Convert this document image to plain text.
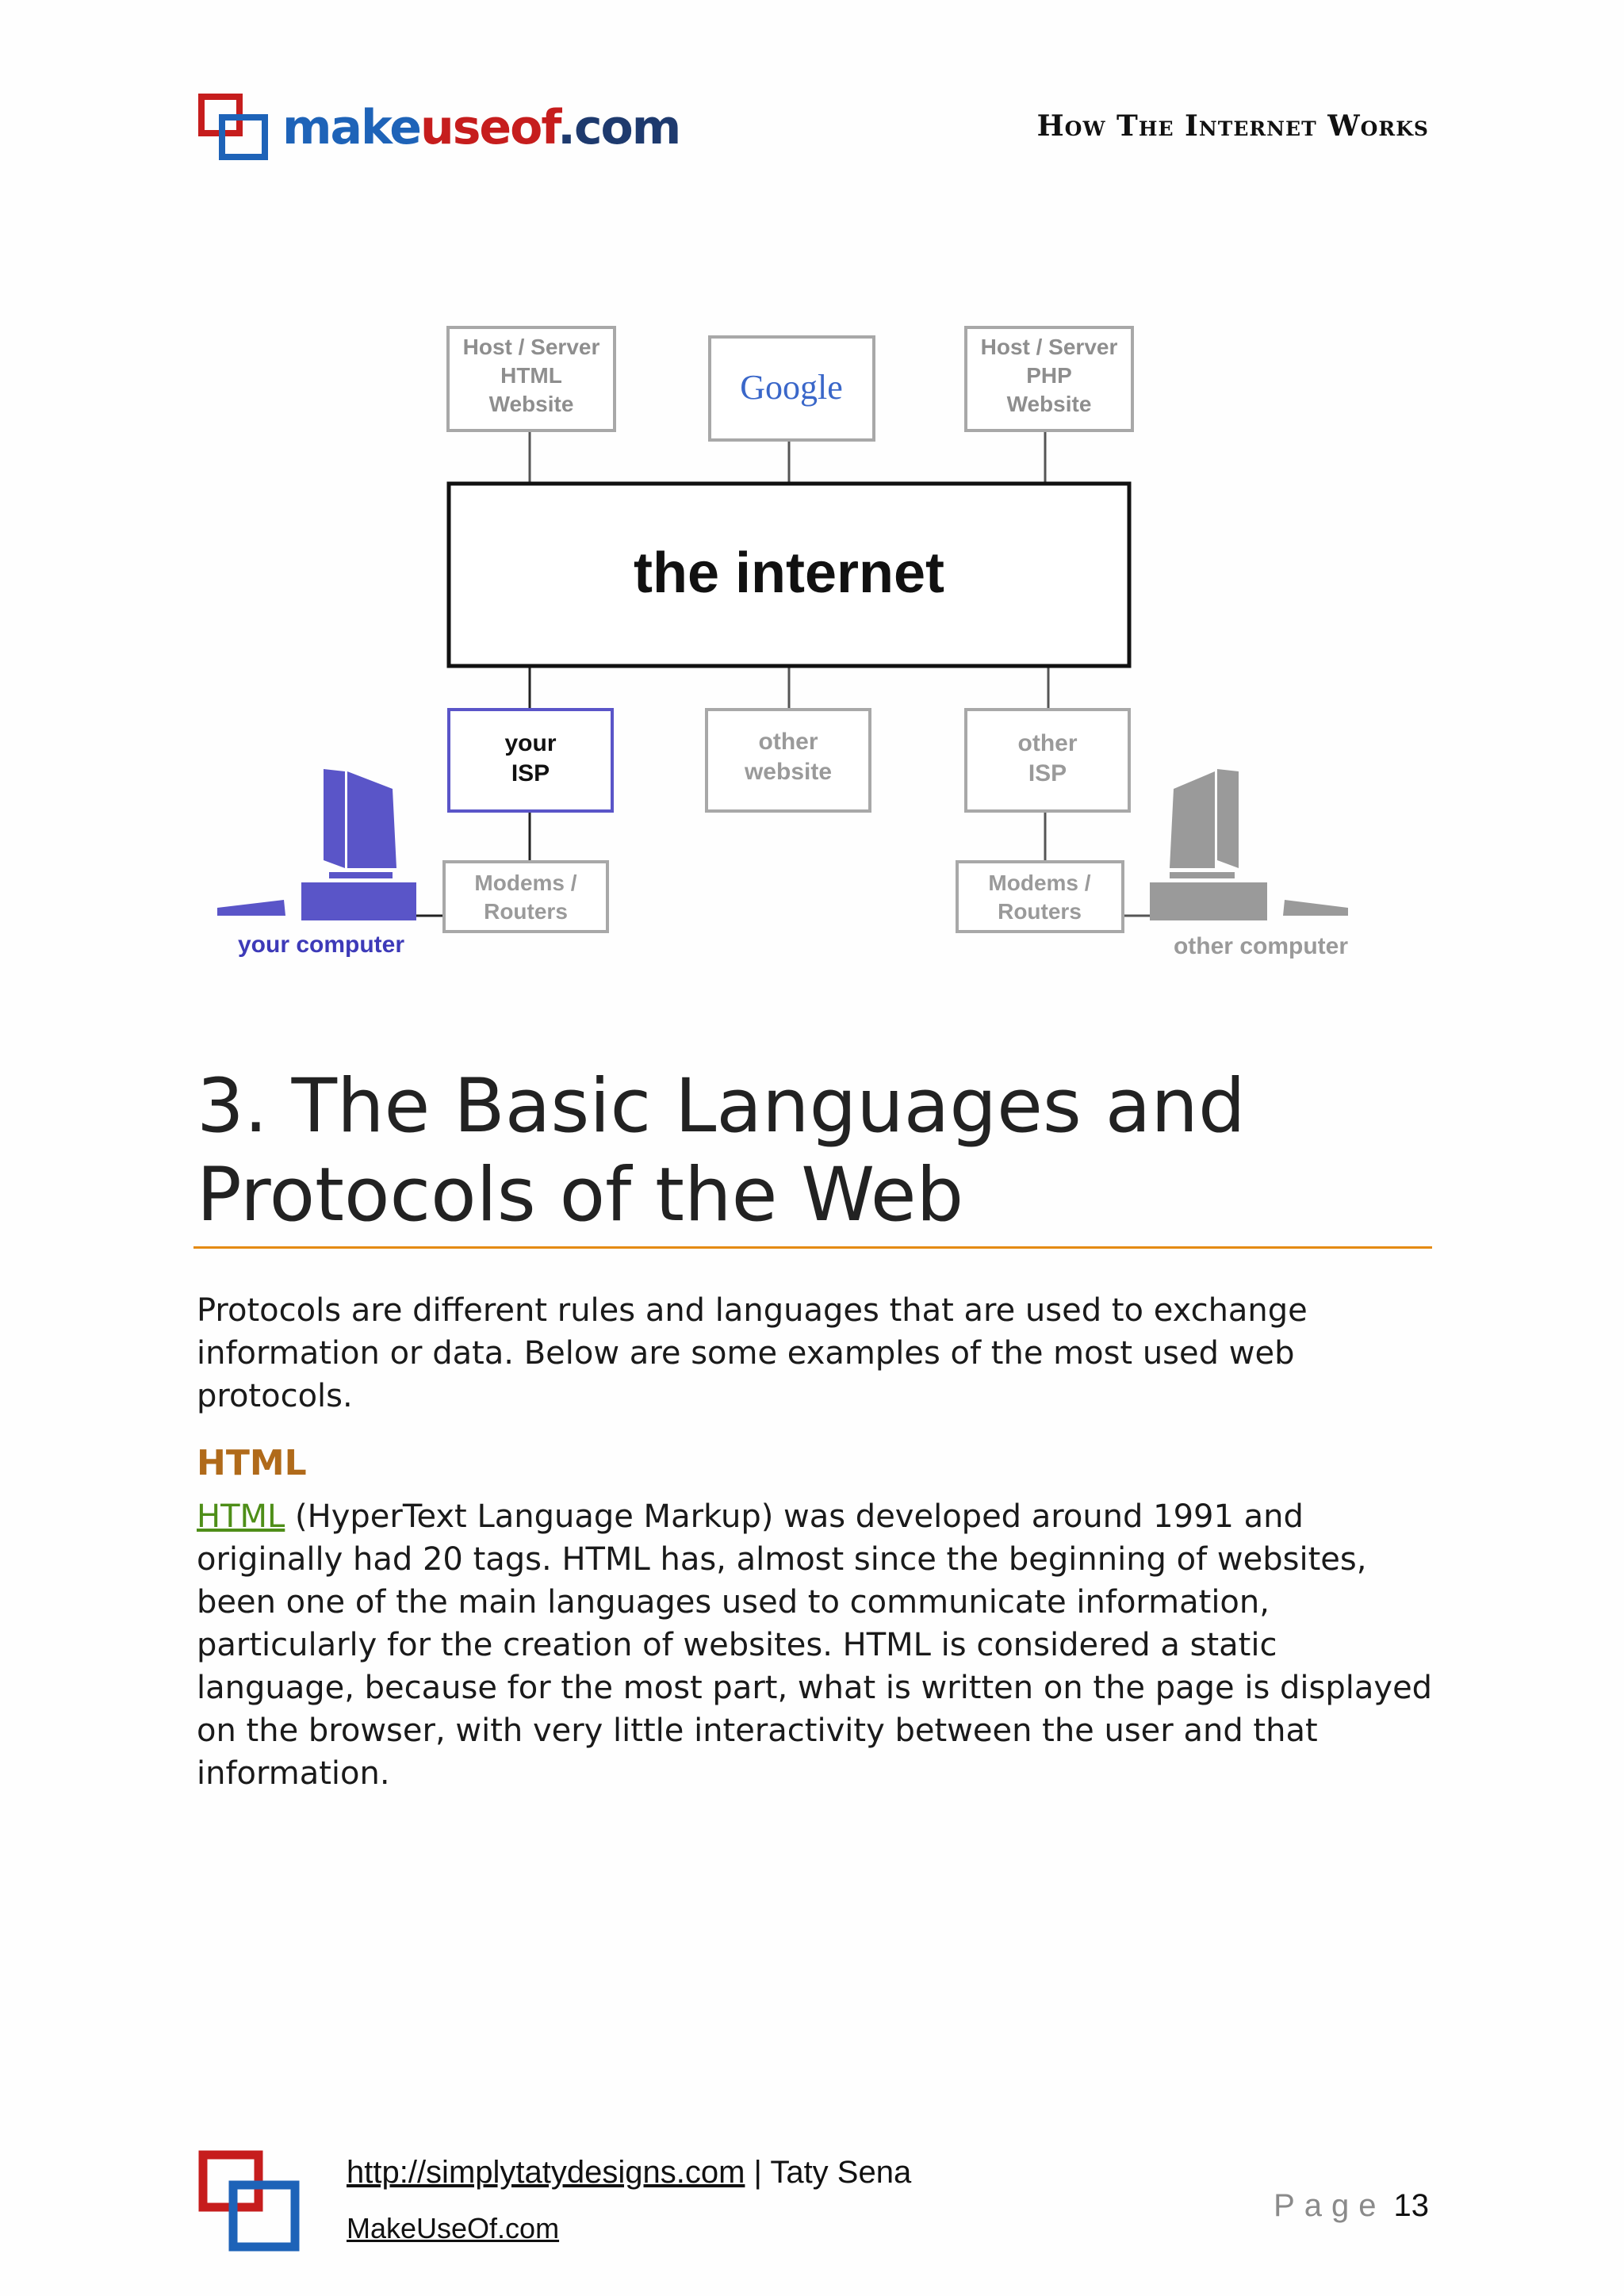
makeuseof.com	How The Internet Works
Host / Server
HTML
Website	Google
Host / Server
PHP
Website
the internet
your
ISP
other
website
other
ISP
Modems /
Routers
Modems /
Routers
your computer	other computer
3. The Basic Languages and
Protocols of the Web

Protocols are different rules and languages that are used to exchange information or data. Below are some examples of the most used web protocols.

HTML

HTML (HyperText Language Markup) was developed around 1991 and originally had 20 tags. HTML has, almost since the beginning of websites, been one of the main languages used to communicate information, particularly for the creation of websites. HTML is considered a static language, because for the most part, what is written on the page is displayed on the browser, with very little interactivity between the user and that information.

http://simplytatydesigns.com | Taty Sena
MakeUseOf.com
Page 13
